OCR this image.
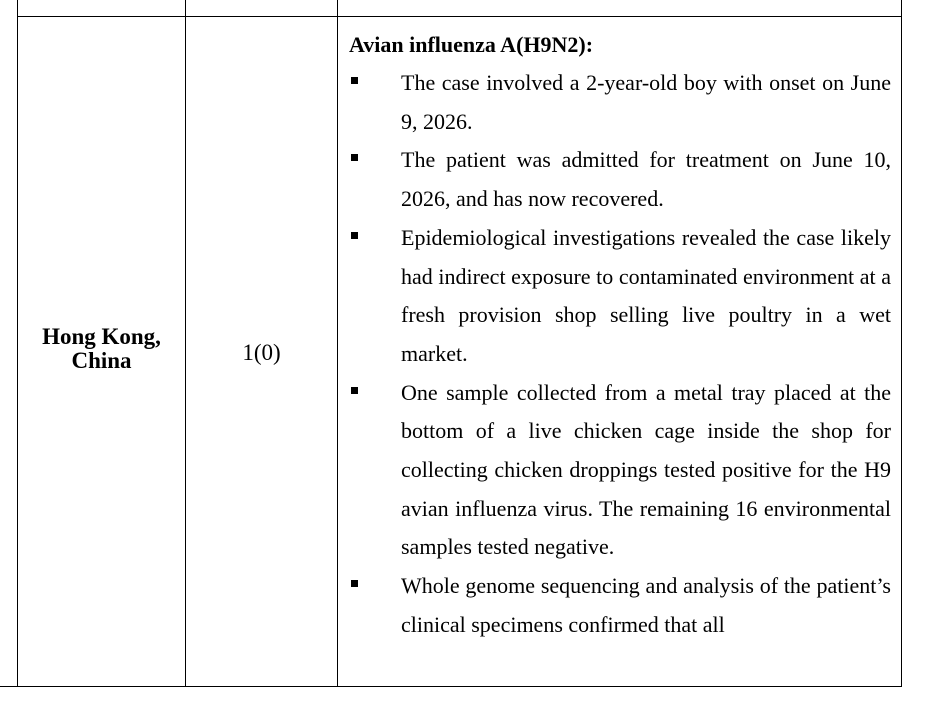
Hong Kong,
China	1(0)
Avian influenza A(H9N2):
The case involved a 2-year-old boy with onset on June 9, 2026.
The patient was admitted for treatment on June 10, 2026, and has now recovered.
Epidemiological investigations revealed the case likely had indirect exposure to contaminated environment at a fresh provision shop selling live poultry in a wet market.
One sample collected from a metal tray placed at the bottom of a live chicken cage inside the shop for collecting chicken droppings tested positive for the H9 avian influenza virus. The remaining 16 environmental samples tested negative.
Whole genome sequencing and analysis of the patient’s clinical specimens confirmed that all
